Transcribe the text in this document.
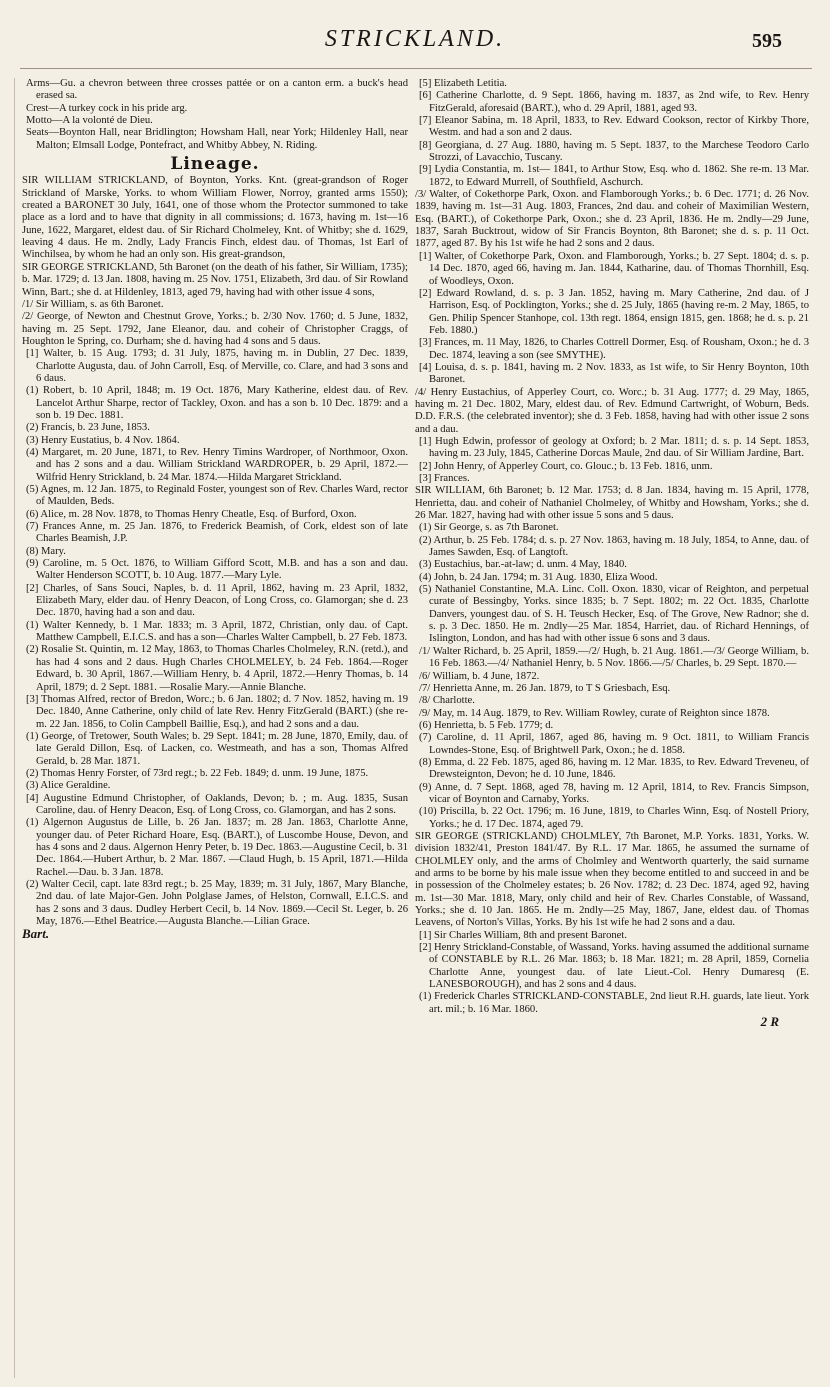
STRICKLAND.	595

Arms—Gu. a chevron between three crosses pattée or on a canton erm. a buck's head erased sa.

Crest—A turkey cock in his pride arg.

Motto—A la volonté de Dieu.

Seats—Boynton Hall, near Bridlington; Howsham Hall, near York; Hildenley Hall, near Malton; Elmsall Lodge, Pontefract, and Whitby Abbey, N. Riding.

Lineage.

SIR WILLIAM STRICKLAND, of Boynton, Yorks. Knt. (great-grandson of Roger Strickland of Marske, Yorks. to whom William Flower, Norroy, granted arms 1550); created a BARONET 30 July, 1641, one of those whom the Protector summoned to take place as a lord and to have that dignity in all commissions; d. 1673, having m. 1st—16 June, 1622, Margaret, eldest dau. of Sir Richard Cholmeley, Knt. of Whitby; she d. 1629, leaving 4 daus. He m. 2ndly, Lady Francis Finch, eldest dau. of Thomas, 1st Earl of Winchilsea, by whom he had an only son. His great-grandson,

SIR GEORGE STRICKLAND, 5th Baronet (on the death of his father, Sir William, 1735); b. Mar. 1729; d. 13 Jan. 1808, having m. 25 Nov. 1751, Elizabeth, 3rd dau. of Sir Rowland Winn, Bart.; she d. at Hildenley, 1813, aged 79, having had with other issue 4 sons,

/1/ Sir William, s. as 6th Baronet.

/2/ George, of Newton and Chestnut Grove, Yorks.; b. 2/30 Nov. 1760; d. 5 June, 1832, having m. 25 Sept. 1792, Jane Eleanor, dau. and coheir of Christopher Craggs, of Houghton le Spring, co. Durham; she d. having had 4 sons and 5 daus.

[1] Walter, b. 15 Aug. 1793; d. 31 July, 1875, having m. in Dublin, 27 Dec. 1839, Charlotte Augusta, dau. of John Carroll, Esq. of Merville, co. Clare, and had 3 sons and 6 daus.

(1) Robert, b. 10 April, 1848; m. 19 Oct. 1876, Mary Katherine, eldest dau. of Rev. Lancelot Arthur Sharpe, rector of Tackley, Oxon. and has a son b. 10 Dec. 1879: and a son b. 19 Dec. 1881.

(2) Francis, b. 23 June, 1853.

(3) Henry Eustatius, b. 4 Nov. 1864.

(4) Margaret, m. 20 June, 1871, to Rev. Henry Timins Wardroper, of Northmoor, Oxon. and has 2 sons and a dau. William Strickland WARDROPER, b. 29 April, 1872.—Wilfrid Henry Strickland, b. 24 Mar. 1874.—Hilda Margaret Strickland.

(5) Agnes, m. 12 Jan. 1875, to Reginald Foster, youngest son of Rev. Charles Ward, rector of Maulden, Beds.

(6) Alice, m. 28 Nov. 1878, to Thomas Henry Cheatle, Esq. of Burford, Oxon.

(7) Frances Anne, m. 25 Jan. 1876, to Frederick Beamish, of Cork, eldest son of late Charles Beamish, J.P.

(8) Mary.

(9) Caroline, m. 5 Oct. 1876, to William Gifford Scott, M.B. and has a son and dau. Walter Henderson SCOTT, b. 10 Aug. 1877.—Mary Lyle.

[2] Charles, of Sans Souci, Naples, b. d. 11 April, 1862, having m. 23 April, 1832, Elizabeth Mary, elder dau. of Henry Deacon, of Long Cross, co. Glamorgan; she d. 23 Dec. 1870, having had a son and dau.

(1) Walter Kennedy, b. 1 Mar. 1833; m. 3 April, 1872, Christian, only dau. of Capt. Matthew Campbell, E.I.C.S. and has a son—Charles Walter Campbell, b. 27 Feb. 1873.

(2) Rosalie St. Quintin, m. 12 May, 1863, to Thomas Charles Cholmeley, R.N. (retd.), and has had 4 sons and 2 daus. Hugh Charles CHOLMELEY, b. 24 Feb. 1864.—Roger Edward, b. 30 April, 1867.—William Henry, b. 4 April, 1872.—Henry Thomas, b. 14 April, 1879; d. 2 Sept. 1881. —Rosalie Mary.—Annie Blanche.

[3] Thomas Alfred, rector of Bredon, Worc.; b. 6 Jan. 1802; d. 7 Nov. 1852, having m. 19 Dec. 1840, Anne Catherine, only child of late Rev. Henry FitzGerald (BART.) (she re-m. 22 Jan. 1856, to Colin Campbell Baillie, Esq.), and had 2 sons and a dau.

(1) George, of Tretower, South Wales; b. 29 Sept. 1841; m. 28 June, 1870, Emily, dau. of late Gerald Dillon, Esq. of Lacken, co. Westmeath, and has a son, Thomas Alfred Gerald, b. 28 Mar. 1871.

(2) Thomas Henry Forster, of 73rd regt.; b. 22 Feb. 1849; d. unm. 19 June, 1875.

(3) Alice Geraldine.

[4] Augustine Edmund Christopher, of Oaklands, Devon; b. ; m. Aug. 1835, Susan Caroline, dau. of Henry Deacon, Esq. of Long Cross, co. Glamorgan, and has 2 sons.

(1) Algernon Augustus de Lille, b. 26 Jan. 1837; m. 28 Jan. 1863, Charlotte Anne, younger dau. of Peter Richard Hoare, Esq. (BART.), of Luscombe House, Devon, and has 4 sons and 2 daus. Algernon Henry Peter, b. 19 Dec. 1863.—Augustine Cecil, b. 31 Dec. 1864.—Hubert Arthur, b. 2 Mar. 1867. —Claud Hugh, b. 15 April, 1871.—Hilda Rachel.—Dau. b. 3 Jan. 1878.

(2) Walter Cecil, capt. late 83rd regt.; b. 25 May, 1839; m. 31 July, 1867, Mary Blanche, 2nd dau. of late Major-Gen. John Polglase James, of Helston, Cornwall, E.I.C.S. and has 2 sons and 3 daus. Dudley Herbert Cecil, b. 14 Nov. 1869.—Cecil St. Leger, b. 26 May, 1876.—Ethel Beatrice.—Augusta Blanche.—Lilian Grace.

Bart.

[5] Elizabeth Letitia.

[6] Catherine Charlotte, d. 9 Sept. 1866, having m. 1837, as 2nd wife, to Rev. Henry FitzGerald, aforesaid (BART.), who d. 29 April, 1881, aged 93.

[7] Eleanor Sabina, m. 18 April, 1833, to Rev. Edward Cookson, rector of Kirkby Thore, Westm. and had a son and 2 daus.

[8] Georgiana, d. 27 Aug. 1880, having m. 5 Sept. 1837, to the Marchese Teodoro Carlo Strozzi, of Lavacchio, Tuscany.

[9] Lydia Constantia, m. 1st— 1841, to Arthur Stow, Esq. who d. 1862. She re-m. 13 Mar. 1872, to Edward Murrell, of Southfield, Aschurch.

/3/ Walter, of Cokethorpe Park, Oxon. and Flamborough Yorks.; b. 6 Dec. 1771; d. 26 Nov. 1839, having m. 1st—31 Aug. 1803, Frances, 2nd dau. and coheir of Maximilian Western, Esq. (BART.), of Cokethorpe Park, Oxon.; she d. 23 April, 1836. He m. 2ndly—29 June, 1837, Sarah Bucktrout, widow of Sir Francis Boynton, 8th Baronet; she d. s. p. 11 Oct. 1877, aged 87. By his 1st wife he had 2 sons and 2 daus.

[1] Walter, of Cokethorpe Park, Oxon. and Flamborough, Yorks.; b. 27 Sept. 1804; d. s. p. 14 Dec. 1870, aged 66, having m. Jan. 1844, Katharine, dau. of Thomas Thornhill, Esq. of Woodleys, Oxon.

[2] Edward Rowland, d. s. p. 3 Jan. 1852, having m. Mary Catherine, 2nd dau. of J Harrison, Esq. of Pocklington, Yorks.; she d. 25 July, 1865 (having re-m. 2 May, 1865, to Gen. Philip Spencer Stanhope, col. 13th regt. 1864, ensign 1815, gen. 1868; he d. s. p. 21 Feb. 1880.)

[3] Frances, m. 11 May, 1826, to Charles Cottrell Dormer, Esq. of Rousham, Oxon.; he d. 3 Dec. 1874, leaving a son (see SMYTHE).

[4] Louisa, d. s. p. 1841, having m. 2 Nov. 1833, as 1st wife, to Sir Henry Boynton, 10th Baronet.

/4/ Henry Eustachius, of Apperley Court, co. Worc.; b. 31 Aug. 1777; d. 29 May, 1865, having m. 21 Dec. 1802, Mary, eldest dau. of Rev. Edmund Cartwright, of Woburn, Beds. D.D. F.R.S. (the celebrated inventor); she d. 3 Feb. 1858, having had with other issue 2 sons and a dau.

[1] Hugh Edwin, professor of geology at Oxford; b. 2 Mar. 1811; d. s. p. 14 Sept. 1853, having m. 23 July, 1845, Catherine Dorcas Maule, 2nd dau. of Sir William Jardine, Bart.

[2] John Henry, of Apperley Court, co. Glouc.; b. 13 Feb. 1816, unm.

[3] Frances.

SIR WILLIAM, 6th Baronet; b. 12 Mar. 1753; d. 8 Jan. 1834, having m. 15 April, 1778, Henrietta, dau. and coheir of Nathaniel Cholmeley, of Whitby and Howsham, Yorks.; she d. 26 Mar. 1827, having had with other issue 5 sons and 5 daus.

(1) Sir George, s. as 7th Baronet.

(2) Arthur, b. 25 Feb. 1784; d. s. p. 27 Nov. 1863, having m. 18 July, 1854, to Anne, dau. of James Sawden, Esq. of Langtoft.

(3) Eustachius, bar.-at-law; d. unm. 4 May, 1840.

(4) John, b. 24 Jan. 1794; m. 31 Aug. 1830, Eliza Wood.

(5) Nathaniel Constantine, M.A. Linc. Coll. Oxon. 1830, vicar of Reighton, and perpetual curate of Bessingby, Yorks. since 1835; b. 7 Sept. 1802; m. 22 Oct. 1835, Charlotte Danvers, youngest dau. of S. H. Teusch Hecker, Esq. of The Grove, New Radnor; she d. s. p. 3 Dec. 1850. He m. 2ndly—25 Mar. 1854, Harriet, dau. of Richard Hennings, of Islington, London, and has had with other issue 6 sons and 3 daus.

/1/ Walter Richard, b. 25 April, 1859.—/2/ Hugh, b. 21 Aug. 1861.—/3/ George William, b. 16 Feb. 1863.—/4/ Nathaniel Henry, b. 5 Nov. 1866.—/5/ Charles, b. 29 Sept. 1870.—

/6/ William, b. 4 June, 1872.

/7/ Henrietta Anne, m. 26 Jan. 1879, to T S Griesbach, Esq.

/8/ Charlotte.

/9/ May, m. 14 Aug. 1879, to Rev. William Rowley, curate of Reighton since 1878.

(6) Henrietta, b. 5 Feb. 1779; d.

(7) Caroline, d. 11 April, 1867, aged 86, having m. 9 Oct. 1811, to William Francis Lowndes-Stone, Esq. of Brightwell Park, Oxon.; he d. 1858.

(8) Emma, d. 22 Feb. 1875, aged 86, having m. 12 Mar. 1835, to Rev. Edward Treveneu, of Drewsteignton, Devon; he d. 10 June, 1846.

(9) Anne, d. 7 Sept. 1868, aged 78, having m. 12 April, 1814, to Rev. Francis Simpson, vicar of Boynton and Carnaby, Yorks.

(10) Priscilla, b. 22 Oct. 1796; m. 16 June, 1819, to Charles Winn, Esq. of Nostell Priory, Yorks.; he d. 17 Dec. 1874, aged 79.

SIR GEORGE (STRICKLAND) CHOLMLEY, 7th Baronet, M.P. Yorks. 1831, Yorks. W. division 1832/41, Preston 1841/47. By R.L. 17 Mar. 1865, he assumed the surname of CHOLMLEY only, and the arms of Cholmley and Wentworth quarterly, the said surname and arms to be borne by his male issue when they become entitled to and succeed in and be in possession of the Cholmeley estates; b. 26 Nov. 1782; d. 23 Dec. 1874, aged 92, having m. 1st—30 Mar. 1818, Mary, only child and heir of Rev. Charles Constable, of Wassand, Yorks.; she d. 10 Jan. 1865. He m. 2ndly—25 May, 1867, Jane, eldest dau. of Thomas Leavens, of Norton's Villas, Yorks. By his 1st wife he had 2 sons and a dau.

[1] Sir Charles William, 8th and present Baronet.

[2] Henry Strickland-Constable, of Wassand, Yorks. having assumed the additional surname of CONSTABLE by R.L. 26 Mar. 1863; b. 18 Mar. 1821; m. 28 April, 1859, Cornelia Charlotte Anne, youngest dau. of late Lieut.-Col. Henry Dumaresq (E. LANESBOROUGH), and has 2 sons and 4 daus.

(1) Frederick Charles STRICKLAND-CONSTABLE, 2nd lieut R.H. guards, late lieut. York art. mil.; b. 16 Mar. 1860.

2 R
